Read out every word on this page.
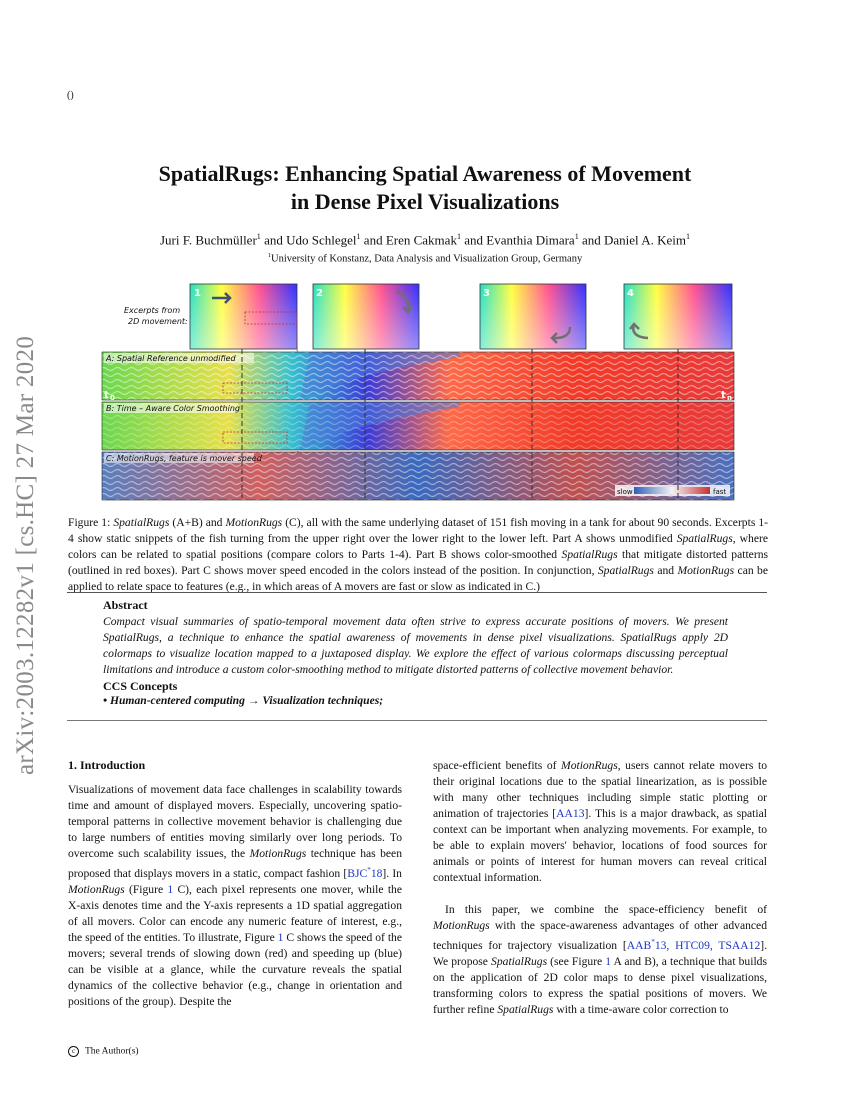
()
arXiv:2003.12282v1 [cs.HC] 27 Mar 2020
SpatialRugs: Enhancing Spatial Awareness of Movement
in Dense Pixel Visualizations
Juri F. Buchmüller$^1$ and Udo Schlegel$^1$ and Eren Cakmak$^1$ and Evanthia Dimara$^1$ and Daniel A. Keim$^1$
$^1$University of Konstanz, Data Analysis and Visualization Group, Germany
Excerpts from
2D movement:
1	2	3	4
A: Spatial Reference unmodified
t 0	t n
B: Time – Aware Color Smoothing
C: MotionRugs, feature is mover speed
slow	fast
Figure 1: SpatialRugs (A+B) and MotionRugs (C), all with the same underlying dataset of 151 fish moving in a tank for about 90 seconds. Excerpts 1-4 show static snippets of the fish turning from the upper right over the lower right to the lower left. Part A shows unmodified SpatialRugs, where colors can be related to spatial positions (compare colors to Parts 1-4). Part B shows color-smoothed SpatialRugs that mitigate distorted patterns (outlined in red boxes). Part C shows mover speed encoded in the colors instead of the position. In conjunction, SpatialRugs and MotionRugs can be applied to relate space to features (e.g., in which areas of A movers are fast or slow as indicated in C.)
Abstract
Compact visual summaries of spatio-temporal movement data often strive to express accurate positions of movers. We present SpatialRugs, a technique to enhance the spatial awareness of movements in dense pixel visualizations. SpatialRugs apply 2D colormaps to visualize location mapped to a juxtaposed display. We explore the effect of various colormaps discussing perceptual limitations and introduce a custom color-smoothing method to mitigate distorted patterns of collective movement behavior.
CCS Concepts
• Human-centered computing → Visualization techniques;
1. Introduction

Visualizations of movement data face challenges in scalability towards time and amount of displayed movers. Especially, uncovering spatio-temporal patterns in collective movement behavior is challenging due to large numbers of entities moving similarly over long periods. To overcome such scalability issues, the MotionRugs technique has been proposed that displays movers in a static, compact fashion [BJC*18]. In MotionRugs (Figure 1 C), each pixel represents one mover, while the X-axis denotes time and the Y-axis represents a 1D spatial aggregation of all movers. Color can encode any numeric feature of interest, e.g., the speed of the entities. To illustrate, Figure 1 C shows the speed of the movers; several trends of slowing down (red) and speeding up (blue) can be visible at a glance, while the curvature reveals the spatial dynamics of the collective behavior (e.g., change in orientation and positions of the group). Despite the

space-efficient benefits of MotionRugs, users cannot relate movers to their original locations due to the spatial linearization, as is possible with many other techniques including simple static plotting or animation of trajectories [AA13]. This is a major drawback, as spatial context can be important when analyzing movements. For example, to be able to explain movers' behavior, locations of food sources for animals or points of interest for human movers can reveal critical contextual information.

In this paper, we combine the space-efficiency benefit of MotionRugs with the space-awareness advantages of other advanced techniques for trajectory visualization [AAB*13, HTC09, TSAA12]. We propose SpatialRugs (see Figure 1 A and B), a technique that builds on the application of 2D color maps to dense pixel visualizations, transforming colors to express the spatial positions of movers. We further refine SpatialRugs with a time-aware color correction to

c The Author(s)
